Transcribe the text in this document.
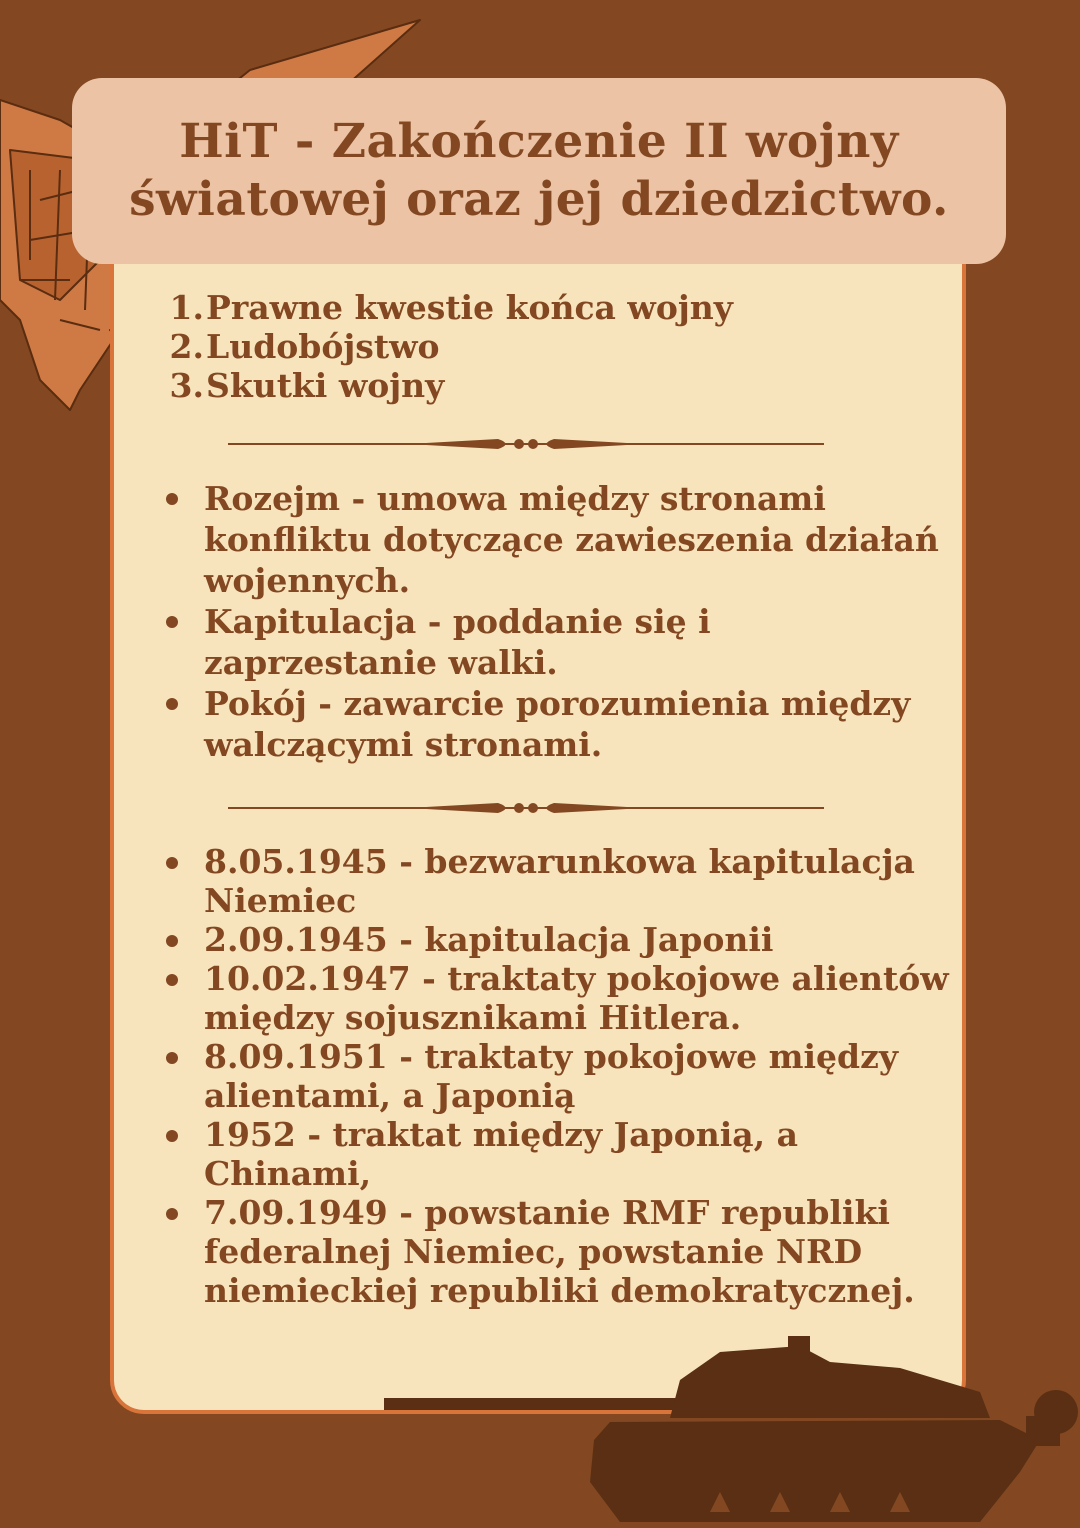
HiT - Zakończenie II wojny
światowej oraz jej dziedzictwo.
1. Prawne kwestie końca wojny
2. Ludobójstwo
3. Skutki wojny
Rozejm - umowa między stronami konfliktu dotyczące zawieszenia działań wojennych.
Kapitulacja - poddanie się i zaprzestanie walki.
Pokój - zawarcie porozumienia między walczącymi stronami.
8.05.1945 - bezwarunkowa kapitulacja Niemiec
2.09.1945 - kapitulacja Japonii
10.02.1947 - traktaty pokojowe alientów między sojusznikami Hitlera.
8.09.1951 - traktaty pokojowe między alientami, a Japonią
1952 - traktat między Japonią, a Chinami,
7.09.1949 - powstanie RMF republiki federalnej Niemiec, powstanie NRD niemieckiej republiki demokratycznej.
